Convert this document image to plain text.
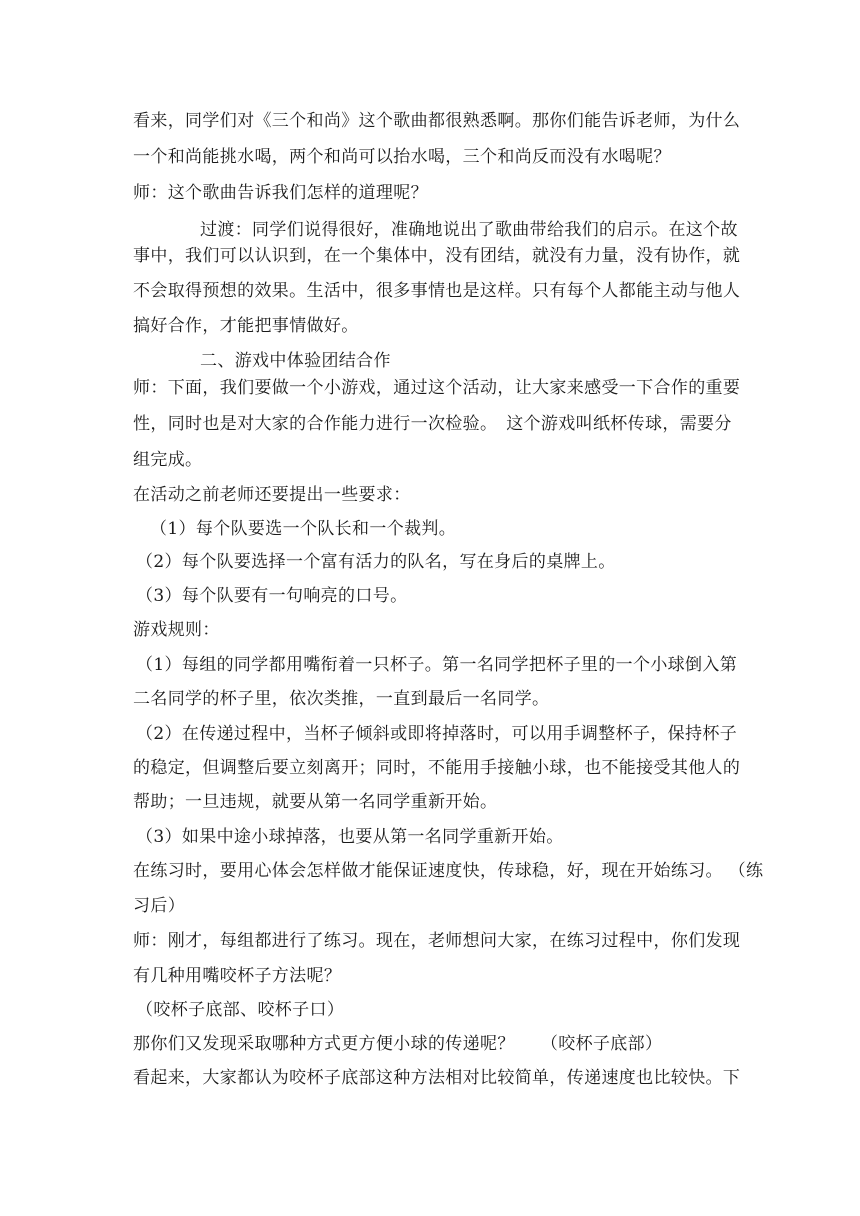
看来，同学们对《三个和尚》这个歌曲都很熟悉啊。那你们能告诉老师，为什么
一个和尚能挑水喝，两个和尚可以抬水喝，三个和尚反而没有水喝呢？
师：这个歌曲告诉我们怎样的道理呢？
过渡：同学们说得很好，准确地说出了歌曲带给我们的启示。在这个故
事中，我们可以认识到，在一个集体中，没有团结，就没有力量，没有协作，就
不会取得预想的效果。生活中，很多事情也是这样。只有每个人都能主动与他人
搞好合作，才能把事情做好。
二、游戏中体验团结合作
师：下面，我们要做一个小游戏，通过这个活动，让大家来感受一下合作的重要
性，同时也是对大家的合作能力进行一次检验。　这个游戏叫纸杯传球，需要分
组完成。
在活动之前老师还要提出一些要求：
（1）每个队要选一个队长和一个裁判。
（2）每个队要选择一个富有活力的队名，写在身后的桌牌上。
（3）每个队要有一句响亮的口号。
游戏规则：
（1）每组的同学都用嘴衔着一只杯子。第一名同学把杯子里的一个小球倒入第
二名同学的杯子里，依次类推，一直到最后一名同学。
（2）在传递过程中，当杯子倾斜或即将掉落时，可以用手调整杯子，保持杯子
的稳定，但调整后要立刻离开；同时，不能用手接触小球，也不能接受其他人的
帮助；一旦违规，就要从第一名同学重新开始。
（3）如果中途小球掉落，也要从第一名同学重新开始。
在练习时，要用心体会怎样做才能保证速度快，传球稳，好，现在开始练习。 （练
习后）
师：刚才，每组都进行了练习。现在，老师想问大家，在练习过程中，你们发现
有几种用嘴咬杯子方法呢？
（咬杯子底部、咬杯子口）
那你们又发现采取哪种方式更方便小球的传递呢？　　（咬杯子底部）
看起来，大家都认为咬杯子底部这种方法相对比较简单，传递速度也比较快。下
